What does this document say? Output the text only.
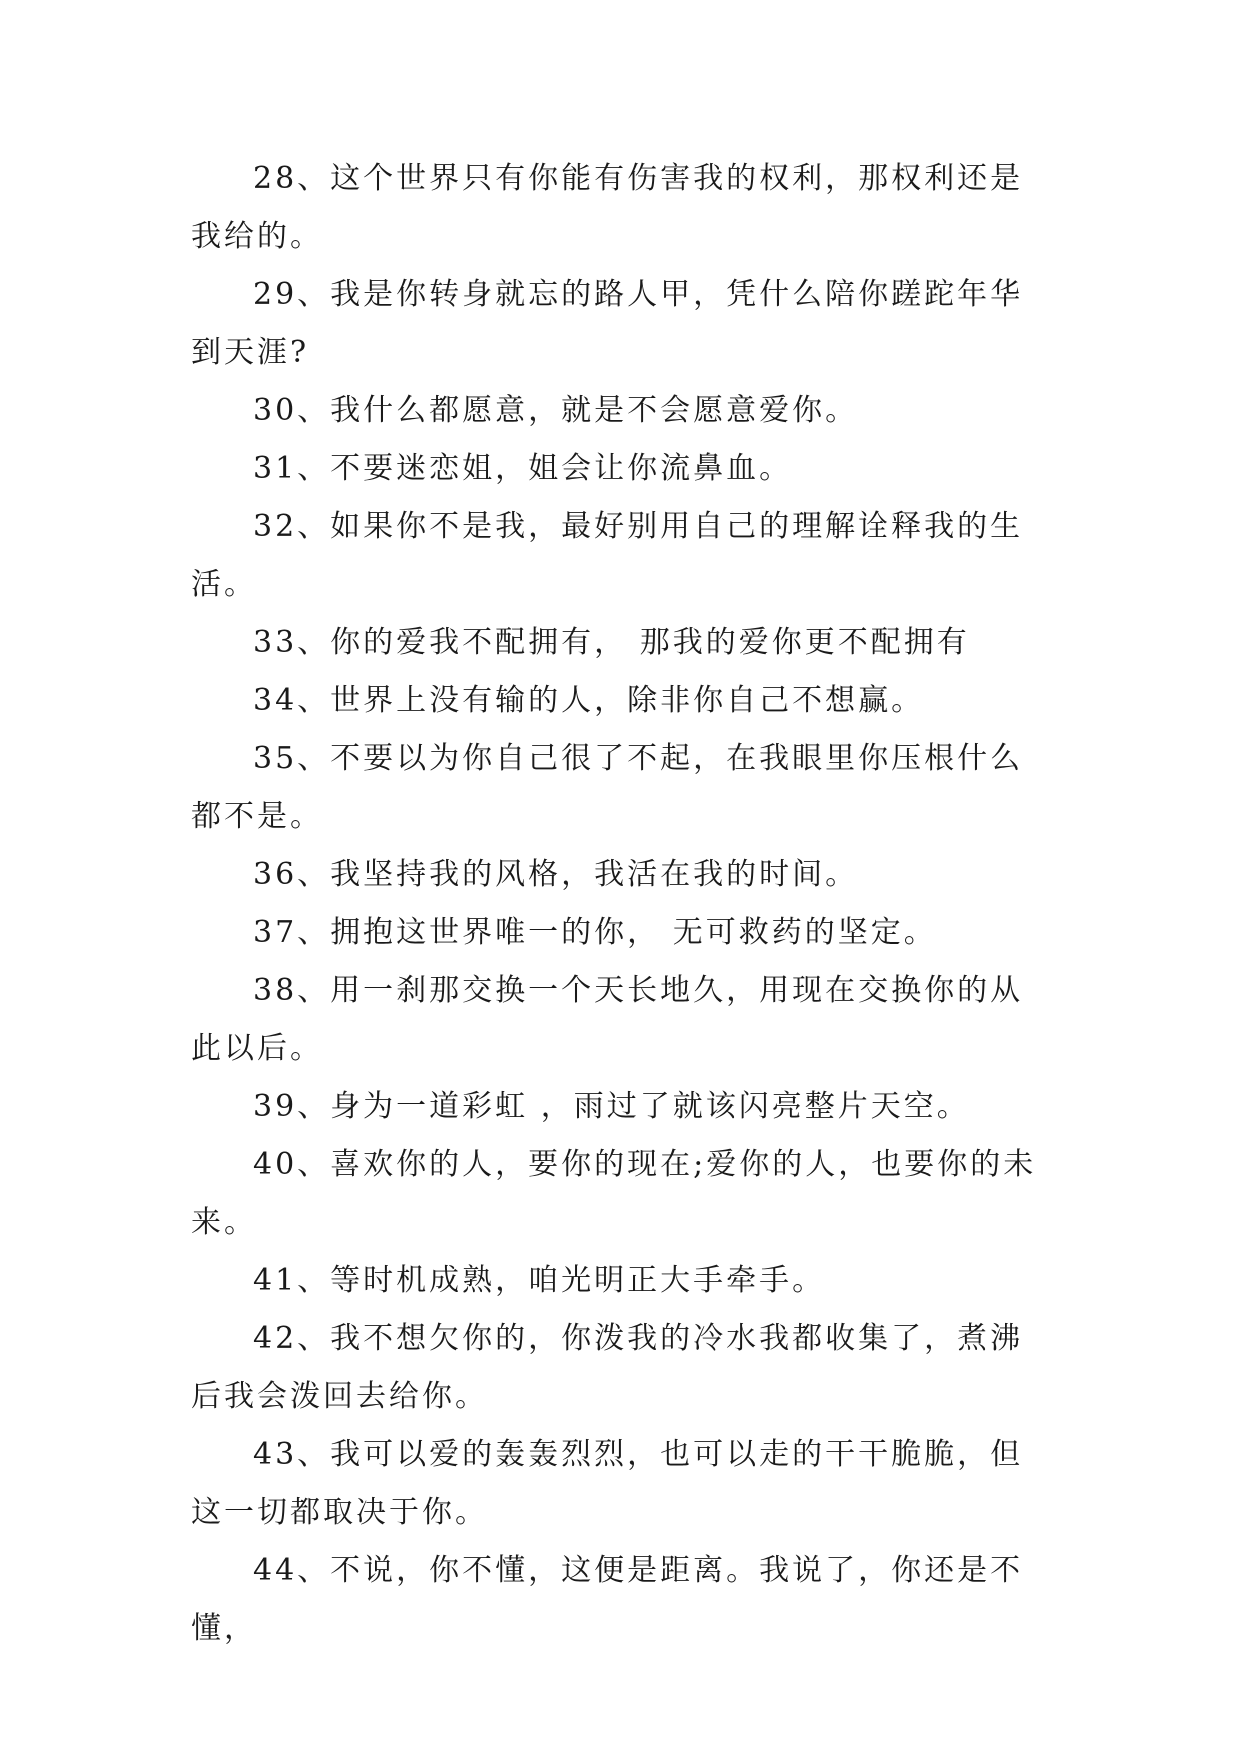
28、这个世界只有你能有伤害我的权利，那权利还是我给的。

29、我是你转身就忘的路人甲，凭什么陪你蹉跎年华到天涯?

30、我什么都愿意，就是不会愿意爱你。

31、不要迷恋姐，姐会让你流鼻血。

32、如果你不是我，最好别用自己的理解诠释我的生活。

33、你的爱我不配拥有， 那我的爱你更不配拥有

34、世界上没有输的人，除非你自己不想赢。

35、不要以为你自己很了不起，在我眼里你压根什么都不是。

36、我坚持我的风格，我活在我的时间。

37、拥抱这世界唯一的你， 无可救药的坚定。

38、用一刹那交换一个天长地久，用现在交换你的从此以后。

39、身为一道彩虹 ，雨过了就该闪亮整片天空。

40、喜欢你的人，要你的现在;爱你的人，也要你的未来。

41、等时机成熟，咱光明正大手牵手。

42、我不想欠你的，你泼我的冷水我都收集了，煮沸后我会泼回去给你。

43、我可以爱的轰轰烈烈，也可以走的干干脆脆，但这一切都取决于你。

44、不说，你不懂，这便是距离。我说了，你还是不懂，
